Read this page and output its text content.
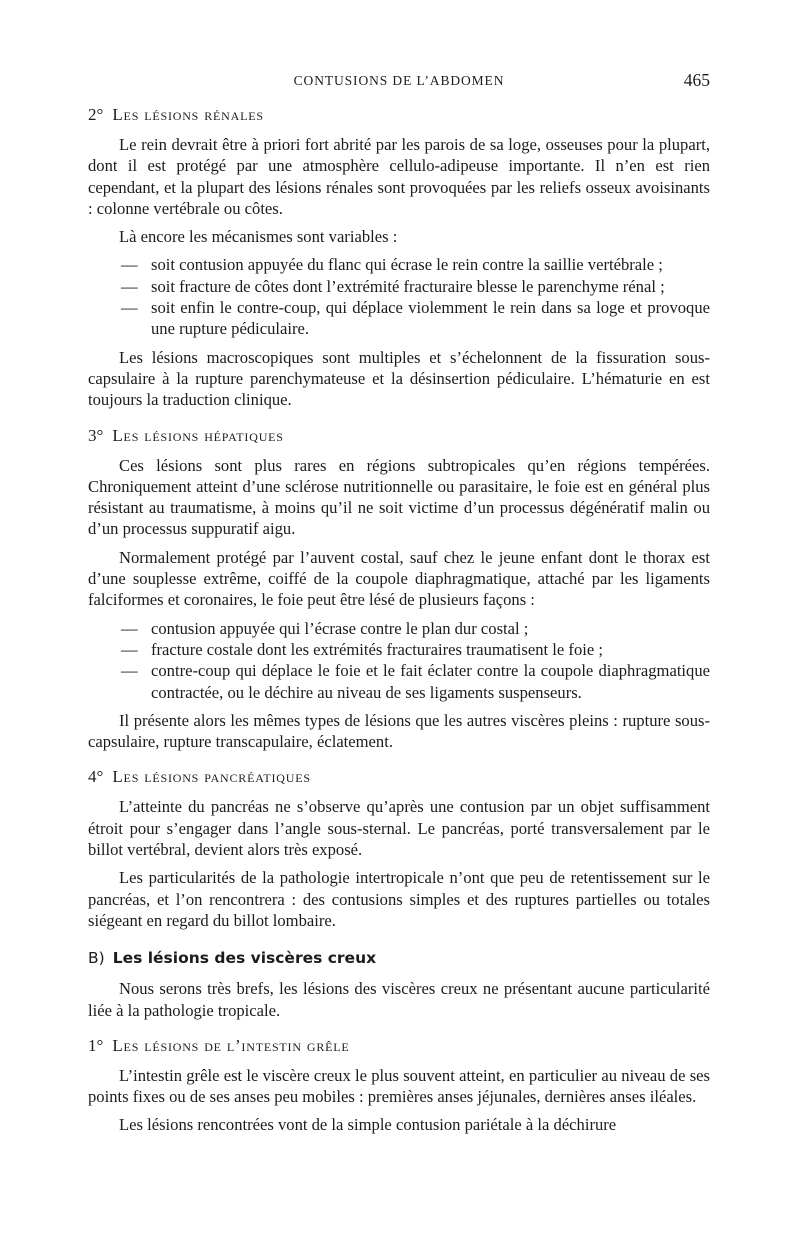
CONTUSIONS DE L’ABDOMEN	465
2° Les lésions rénales

Le rein devrait être à priori fort abrité par les parois de sa loge, osseuses pour la plupart, dont il est protégé par une atmosphère cellulo-adipeuse importante. Il n’en est rien cependant, et la plupart des lésions rénales sont provoquées par les reliefs osseux avoisinants : colonne vertébrale ou côtes.

Là encore les mécanismes sont variables :

— soit contusion appuyée du flanc qui écrase le rein contre la saillie vertébrale ;
— soit fracture de côtes dont l’extrémité fracturaire blesse le parenchyme rénal ;
— soit enfin le contre-coup, qui déplace violemment le rein dans sa loge et provoque une rupture pédiculaire.

Les lésions macroscopiques sont multiples et s’échelonnent de la fissuration sous-capsulaire à la rupture parenchymateuse et la désinsertion pédiculaire. L’hématurie en est toujours la traduction clinique.

3° Les lésions hépatiques

Ces lésions sont plus rares en régions subtropicales qu’en régions tempérées. Chroniquement atteint d’une sclérose nutritionnelle ou parasitaire, le foie est en général plus résistant au traumatisme, à moins qu’il ne soit victime d’un processus dégénératif malin ou d’un processus suppuratif aigu.

Normalement protégé par l’auvent costal, sauf chez le jeune enfant dont le thorax est d’une souplesse extrême, coiffé de la coupole diaphragmatique, attaché par les ligaments falciformes et coronaires, le foie peut être lésé de plusieurs façons :

— contusion appuyée qui l’écrase contre le plan dur costal ;
— fracture costale dont les extrémités fracturaires traumatisent le foie ;
— contre-coup qui déplace le foie et le fait éclater contre la coupole diaphragmatique contractée, ou le déchire au niveau de ses ligaments suspenseurs.

Il présente alors les mêmes types de lésions que les autres viscères pleins : rupture sous-capsulaire, rupture transcapulaire, éclatement.

4° Les lésions pancréatiques

L’atteinte du pancréas ne s’observe qu’après une contusion par un objet suffisamment étroit pour s’engager dans l’angle sous-sternal. Le pancréas, porté transversalement par le billot vertébral, devient alors très exposé.

Les particularités de la pathologie intertropicale n’ont que peu de retentissement sur le pancréas, et l’on rencontrera : des contusions simples et des ruptures partielles ou totales siégeant en regard du billot lombaire.

B) Les lésions des viscères creux

Nous serons très brefs, les lésions des viscères creux ne présentant aucune particularité liée à la pathologie tropicale.

1° Les lésions de l’intestin grêle

L’intestin grêle est le viscère creux le plus souvent atteint, en particulier au niveau de ses points fixes ou de ses anses peu mobiles : premières anses jéjunales, dernières anses iléales.

Les lésions rencontrées vont de la simple contusion pariétale à la déchirure
